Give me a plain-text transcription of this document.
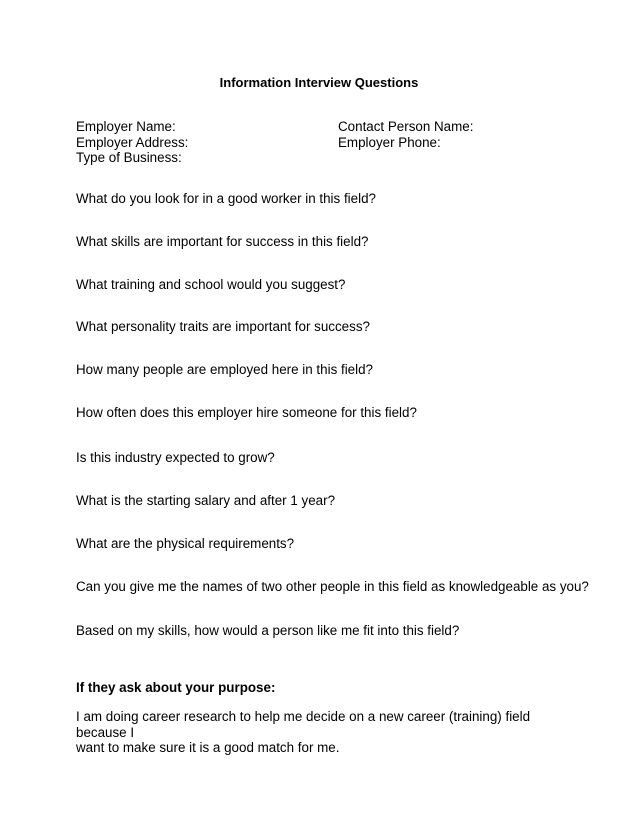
Information Interview Questions
Employer Name:
Employer Address:
Type of Business:
Contact Person Name:
Employer Phone:
What do you look for in a good worker in this field?
What skills are important for success in this field?
What training and school would you suggest?
What personality traits are important for success?
How many people are employed here in this field?
How often does this employer hire someone for this field?
Is this industry expected to grow?
What is the starting salary and after 1 year?
What are the physical requirements?
Can you give me the names of two other people in this field as knowledgeable as you?
Based on my skills, how would a person like me fit into this field?
If they ask about your purpose:
I am doing career research to help me decide on a new career (training) field because I
want to make sure it is a good match for me.
